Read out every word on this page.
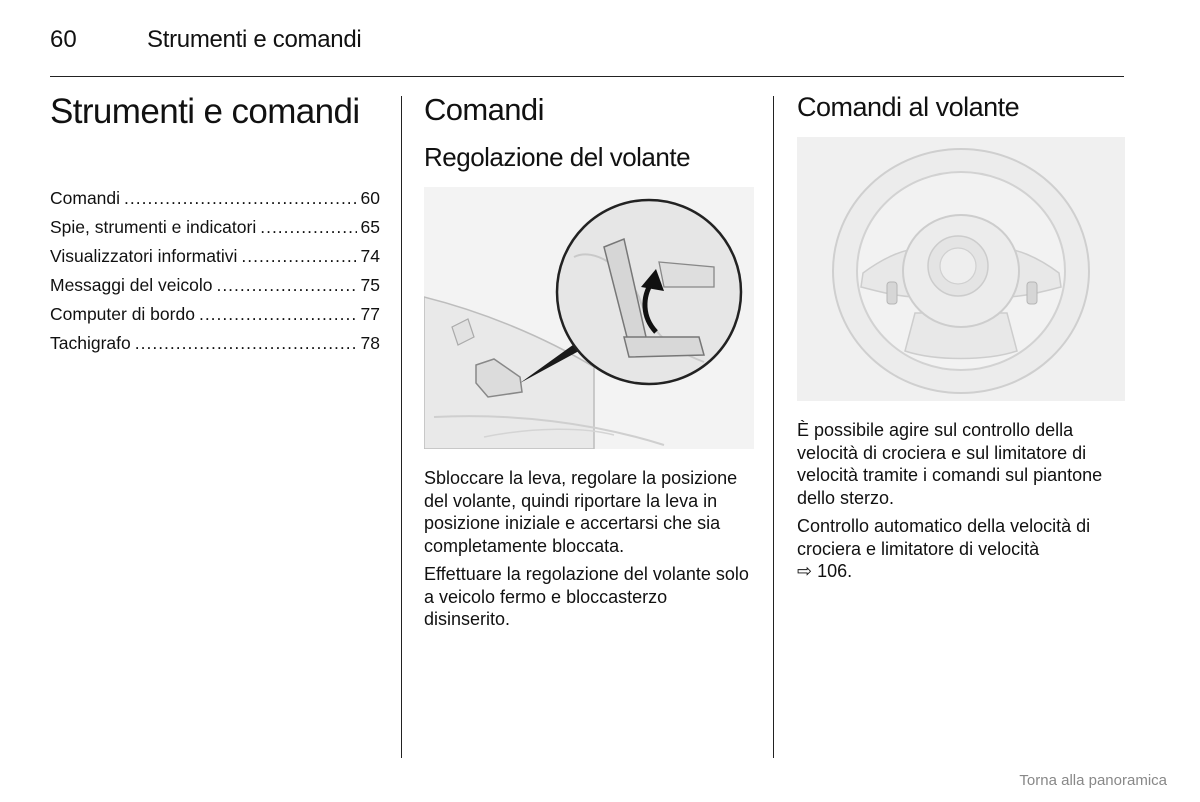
60	Strumenti e comandi
Strumenti e comandi
Comandi .....	60
Spie, strumenti e indicatori .....	65
Visualizzatori informativi .....	74
Messaggi del veicolo .....	75
Computer di bordo .....	77
Tachigrafo .....	78
Comandi
Regolazione del volante

Sbloccare la leva, regolare la posizione del volante, quindi riportare la leva in posizione iniziale e accertarsi che sia completamente bloccata.

Effettuare la regolazione del volante solo a veicolo fermo e bloccasterzo disinserito.

Comandi al volante

È possibile agire sul controllo della velocità di crociera e sul limitatore di velocità tramite i comandi sul piantone dello sterzo.

Controllo automatico della velocità di crociera e limitatore di velocità
⇨ 106.

Torna alla panoramica
